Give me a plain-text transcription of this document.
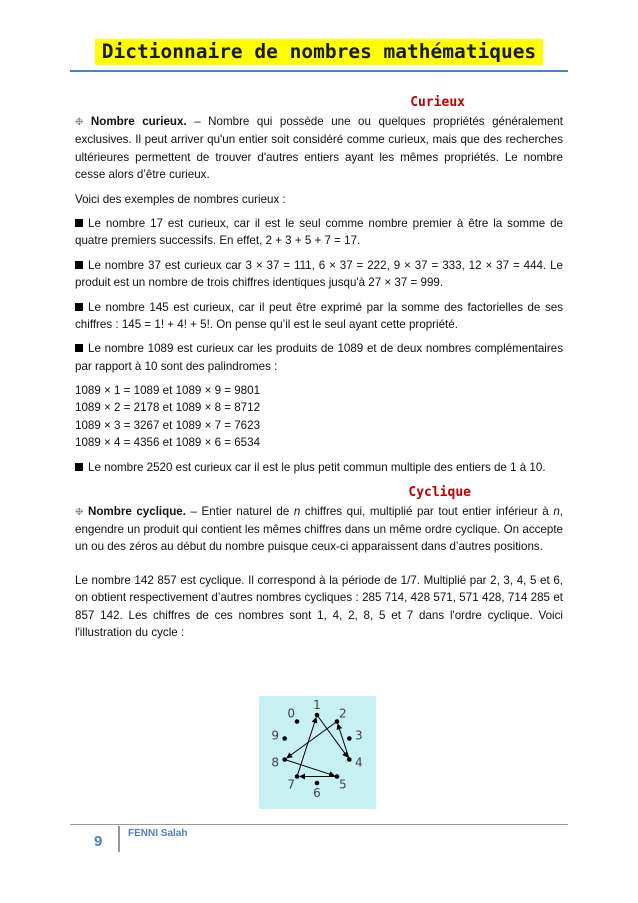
Dictionnaire de nombres mathématiques
Curieux

❉ Nombre curieux. – Nombre qui possède une ou quelques propriétés généralement exclusives. Il peut arriver qu'un entier soit considéré comme curieux, mais que des recherches ultérieures permettent de trouver d'autres entiers ayant les mêmes propriétés. Le nombre cesse alors d’être curieux.

Voici des exemples de nombres curieux :

Le nombre 17 est curieux, car il est le seul comme nombre premier à être la somme de quatre premiers successifs. En effet, 2 + 3 + 5 + 7 = 17.

Le nombre 37 est curieux car 3 × 37 = 111, 6 × 37 = 222, 9 × 37 = 333, 12 × 37 = 444. Le produit est un nombre de trois chiffres identiques jusqu'à 27 × 37 = 999.

Le nombre 145 est curieux, car il peut être exprimé par la somme des factorielles de ses chiffres : 145 = 1! + 4! + 5!. On pense qu’il est le seul ayant cette propriété.

Le nombre 1089 est curieux car les produits de 1089 et de deux nombres complémentaires par rapport à 10 sont des palindromes :

1089 × 1 = 1089 et 1089 × 9 = 9801
1089 × 2 = 2178 et 1089 × 8 = 8712
1089 × 3 = 3267 et 1089 × 7 = 7623
1089 × 4 = 4356 et 1089 × 6 = 6534

Le nombre 2520 est curieux car il est le plus petit commun multiple des entiers de 1 à 10.

Cyclique

❉ Nombre cyclique. – Entier naturel de n chiffres qui, multiplié par tout entier inférieur à n, engendre un produit qui contient les mêmes chiffres dans un même ordre cyclique. On accepte un ou des zéros au début du nombre puisque ceux-ci apparaissent dans d’autres positions.

Le nombre 142 857 est cyclique. Il correspond à la période de 1/7. Multiplié par 2, 3, 4, 5 et 6, on obtient respectivement d’autres nombres cycliques : 285 714, 428 571, 571 428, 714 285 et 857 142. Les chiffres de ces nombres sont 1, 4, 2, 8, 5 et 7 dans l'ordre cyclique. Voici l'illustration du cycle :

0
1
2
3
4
5
6
7
8
9
9	FENNI Salah
